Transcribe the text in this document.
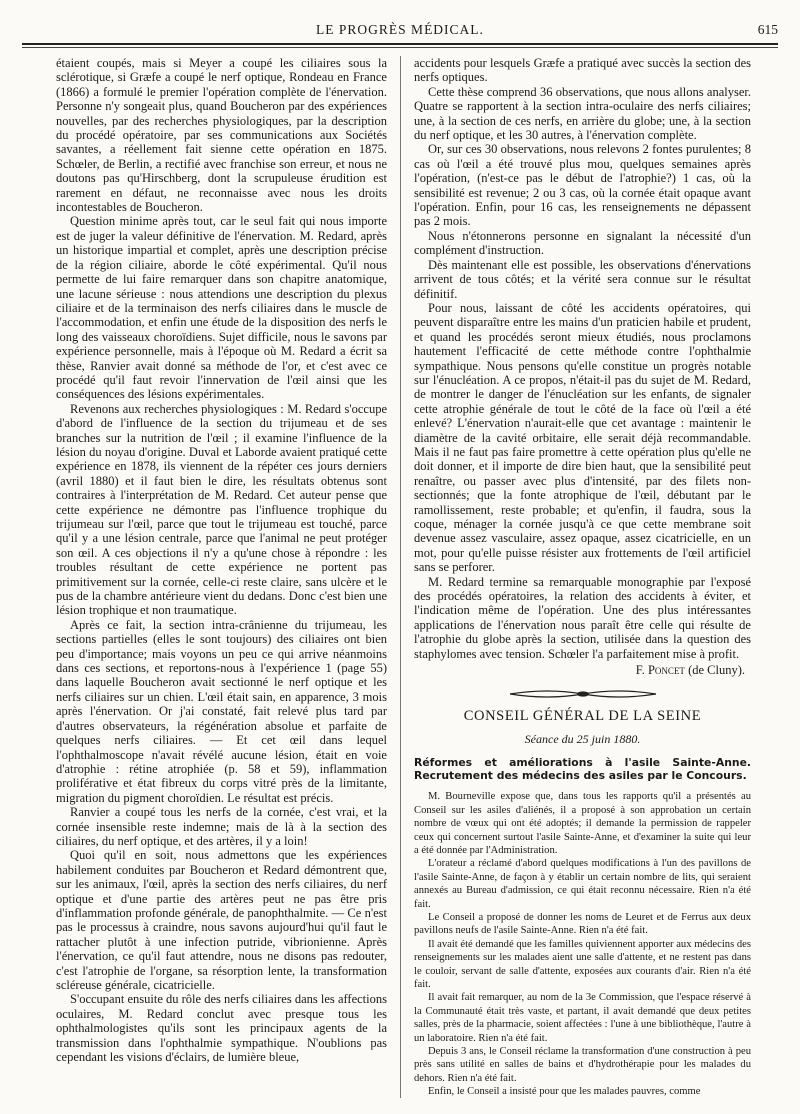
LE PROGRÈS MÉDICAL.	615

étaient coupés, mais si Meyer a coupé les ciliaires sous la sclérotique, si Græfe a coupé le nerf optique, Rondeau en France (1866) a formulé le premier l'opération complète de l'énervation. Personne n'y songeait plus, quand Boucheron par des expériences nouvelles, par des recherches physiologiques, par la description du procédé opératoire, par ses communications aux Sociétés savantes, a réellement fait sienne cette opération en 1875. Schœler, de Berlin, a rectifié avec franchise son erreur, et nous ne doutons pas qu'Hirschberg, dont la scrupuleuse érudition est rarement en défaut, ne reconnaisse avec nous les droits incontestables de Boucheron.

Question minime après tout, car le seul fait qui nous importe est de juger la valeur définitive de l'énervation. M. Redard, après un historique impartial et complet, après une description précise de la région ciliaire, aborde le côté expérimental. Qu'il nous permette de lui faire remarquer dans son chapitre anatomique, une lacune sérieuse : nous attendions une description du plexus ciliaire et de la terminaison des nerfs ciliaires dans le muscle de l'accommodation, et enfin une étude de la disposition des nerfs le long des vaisseaux choroïdiens. Sujet difficile, nous le savons par expérience personnelle, mais à l'époque où M. Redard a écrit sa thèse, Ranvier avait donné sa méthode de l'or, et c'est avec ce procédé qu'il faut revoir l'innervation de l'œil ainsi que les conséquences des lésions expérimentales.

Revenons aux recherches physiologiques : M. Redard s'occupe d'abord de l'influence de la section du trijumeau et de ses branches sur la nutrition de l'œil ; il examine l'influence de la lésion du noyau d'origine. Duval et Laborde avaient pratiqué cette expérience en 1878, ils viennent de la répéter ces jours derniers (avril 1880) et il faut bien le dire, les résultats obtenus sont contraires à l'interprétation de M. Redard. Cet auteur pense que cette expérience ne démontre pas l'influence trophique du trijumeau sur l'œil, parce que tout le trijumeau est touché, parce qu'il y a une lésion centrale, parce que l'animal ne peut protéger son œil. A ces objections il n'y a qu'une chose à répondre : les troubles résultant de cette expérience ne portent pas primitivement sur la cornée, celle-ci reste claire, sans ulcère et le pus de la chambre antérieure vient du dedans. Donc c'est bien une lésion trophique et non traumatique.

Après ce fait, la section intra-crânienne du trijumeau, les sections partielles (elles le sont toujours) des ciliaires ont bien peu d'importance; mais voyons un peu ce qui arrive néanmoins dans ces sections, et reportons-nous à l'expérience 1 (page 55) dans laquelle Boucheron avait sectionné le nerf optique et les nerfs ciliaires sur un chien. L'œil était sain, en apparence, 3 mois après l'énervation. Or j'ai constaté, fait relevé plus tard par d'autres observateurs, la régénération absolue et parfaite de quelques nerfs ciliaires. — Et cet œil dans lequel l'ophthalmoscope n'avait révélé aucune lésion, était en voie d'atrophie : rétine atrophiée (p. 58 et 59), inflammation proliférative et état fibreux du corps vitré près de la limitante, migration du pigment choroïdien. Le résultat est précis.

Ranvier a coupé tous les nerfs de la cornée, c'est vrai, et la cornée insensible reste indemne; mais de là à la section des ciliaires, du nerf optique, et des artères, il y a loin!

Quoi qu'il en soit, nous admettons que les expériences habilement conduites par Boucheron et Redard démontrent que, sur les animaux, l'œil, après la section des nerfs ciliaires, du nerf optique et d'une partie des artères peut ne pas être pris d'inflammation profonde générale, de panophthalmite. — Ce n'est pas le processus à craindre, nous savons aujourd'hui qu'il faut le rattacher plutôt à une infection putride, vibrionienne. Après l'énervation, ce qu'il faut attendre, nous ne disons pas redouter, c'est l'atrophie de l'organe, sa résorption lente, la transformation scléreuse générale, cicatricielle.

S'occupant ensuite du rôle des nerfs ciliaires dans les affections oculaires, M. Redard conclut avec presque tous les ophthalmologistes qu'ils sont les principaux agents de la transmission dans l'ophthalmie sympathique. N'oublions pas cependant les visions d'éclairs, de lumière bleue,

accidents pour lesquels Græfe a pratiqué avec succès la section des nerfs optiques.

Cette thèse comprend 36 observations, que nous allons analyser. Quatre se rapportent à la section intra-oculaire des nerfs ciliaires; une, à la section de ces nerfs, en arrière du globe; une, à la section du nerf optique, et les 30 autres, à l'énervation complète.

Or, sur ces 30 observations, nous relevons 2 fontes purulentes; 8 cas où l'œil a été trouvé plus mou, quelques semaines après l'opération, (n'est-ce pas le début de l'atrophie?) 1 cas, où la sensibilité est revenue; 2 ou 3 cas, où la cornée était opaque avant l'opération. Enfin, pour 16 cas, les renseignements ne dépassent pas 2 mois.

Nous n'étonnerons personne en signalant la nécessité d'un complément d'instruction.

Dès maintenant elle est possible, les observations d'énervations arrivent de tous côtés; et la vérité sera connue sur le résultat définitif.

Pour nous, laissant de côté les accidents opératoires, qui peuvent disparaître entre les mains d'un praticien habile et prudent, et quand les procédés seront mieux étudiés, nous proclamons hautement l'efficacité de cette méthode contre l'ophthalmie sympathique. Nous pensons qu'elle constitue un progrès notable sur l'énucléation. A ce propos, n'était-il pas du sujet de M. Redard, de montrer le danger de l'énucléation sur les enfants, de signaler cette atrophie générale de tout le côté de la face où l'œil a été enlevé? L'énervation n'aurait-elle que cet avantage : maintenir le diamètre de la cavité orbitaire, elle serait déjà recommandable. Mais il ne faut pas faire promettre à cette opération plus qu'elle ne doit donner, et il importe de dire bien haut, que la sensibilité peut renaître, ou passer avec plus d'intensité, par des filets non-sectionnés; que la fonte atrophique de l'œil, débutant par le ramollissement, reste probable; et qu'enfin, il faudra, sous la coque, ménager la cornée jusqu'à ce que cette membrane soit devenue assez vasculaire, assez opaque, assez cicatricielle, en un mot, pour qu'elle puisse résister aux frottements de l'œil artificiel sans se perforer.

M. Redard termine sa remarquable monographie par l'exposé des procédés opératoires, la relation des accidents à éviter, et l'indication même de l'opération. Une des plus intéressantes applications de l'énervation nous paraît être celle qui résulte de l'atrophie du globe après la section, utilisée dans la question des staphylomes avec tension. Schœler l'a parfaitement mise à profit.

F. Poncet (de Cluny).
CONSEIL GÉNÉRAL DE LA SEINE
Séance du 25 juin 1880.
Réformes et améliorations à l'asile Sainte-Anne. Recrutement des médecins des asiles par le Concours.

M. Bourneville expose que, dans tous les rapports qu'il a présentés au Conseil sur les asiles d'aliénés, il a proposé à son approbation un certain nombre de vœux qui ont été adoptés; il demande la permission de rappeler ceux qui concernent surtout l'asile Sainte-Anne, et d'examiner la suite qui leur a été donnée par l'Administration.

L'orateur a réclamé d'abord quelques modifications à l'un des pavillons de l'asile Sainte-Anne, de façon à y établir un certain nombre de lits, qui seraient annexés au Bureau d'admission, ce qui était reconnu nécessaire. Rien n'a été fait.

Le Conseil a proposé de donner les noms de Leuret et de Ferrus aux deux pavillons neufs de l'asile Sainte-Anne. Rien n'a été fait.

Il avait été demandé que les familles quiviennent apporter aux médecins des renseignements sur les malades aient une salle d'attente, et ne restent pas dans le couloir, servant de salle d'attente, exposées aux courants d'air. Rien n'a été fait.

Il avait fait remarquer, au nom de la 3e Commission, que l'espace réservé à la Communauté était très vaste, et partant, il avait demandé que deux petites salles, près de la pharmacie, soient affectées : l'une à une bibliothèque, l'autre à un laboratoire. Rien n'a été fait.

Depuis 3 ans, le Conseil réclame la transformation d'une construction à peu près sans utilité en salles de bains et d'hydrothérapie pour les malades du dehors. Rien n'a été fait.

Enfin, le Conseil a insisté pour que les malades pauvres, comme
